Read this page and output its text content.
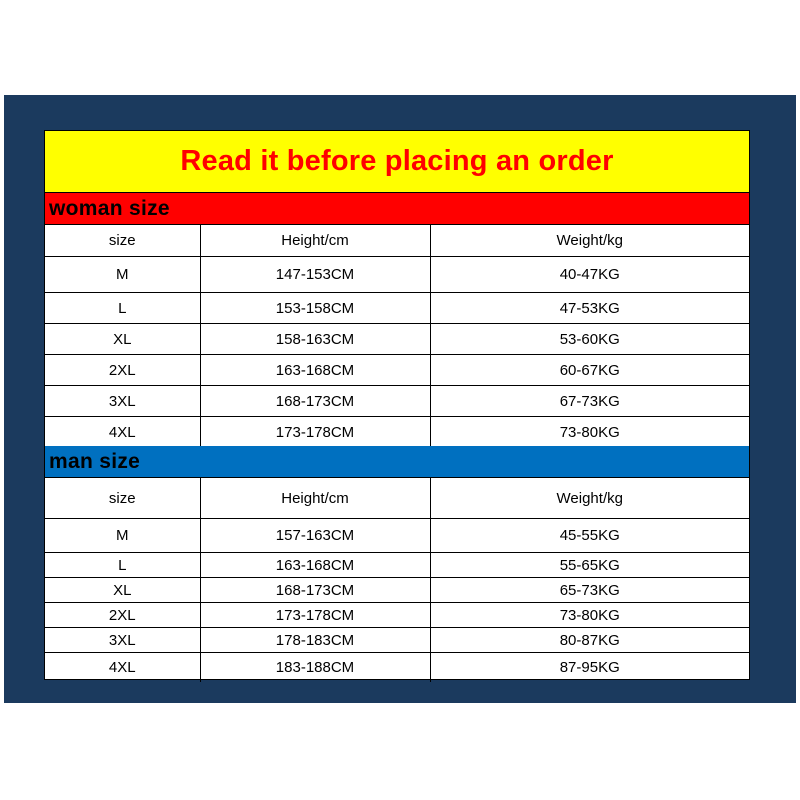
Read it before placing an order
woman size
size	Height/cm	Weight/kg
M	147-153CM	40-47KG
L	153-158CM	47-53KG
XL	158-163CM	53-60KG
2XL	163-168CM	60-67KG
3XL	168-173CM	67-73KG
4XL	173-178CM	73-80KG
man size
size	Height/cm	Weight/kg
M	157-163CM	45-55KG
L	163-168CM	55-65KG
XL	168-173CM	65-73KG
2XL	173-178CM	73-80KG
3XL	178-183CM	80-87KG
4XL	183-188CM	87-95KG
